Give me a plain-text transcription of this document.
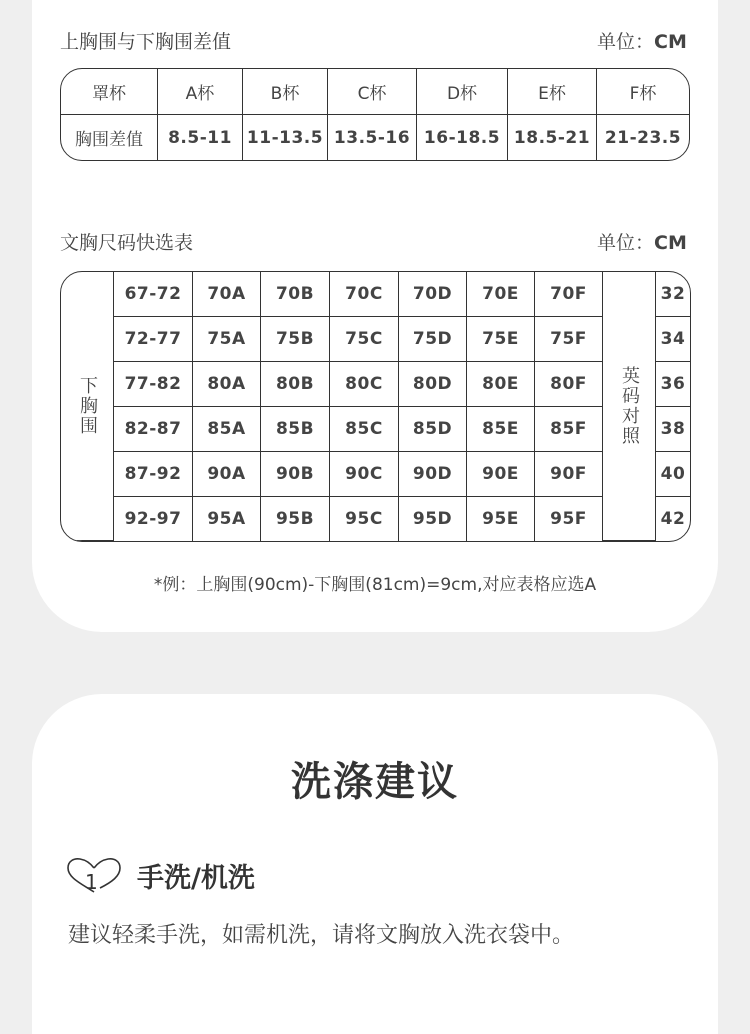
上胸围与下胸围差值	单位：CM
罩杯	A杯	B杯	C杯	D杯	E杯	F杯
胸围差值	8.5-11	11-13.5	13.5-16	16-18.5	18.5-21	21-23.5
文胸尺码快选表	单位：CM
下胸围	67-72	70A	70B	70C	70D	70E	70F	英码对照	32
	72-77	75A	75B	75C	75D	75E	75F		34
	77-82	80A	80B	80C	80D	80E	80F		36
	82-87	85A	85B	85C	85D	85E	85F		38
	87-92	90A	90B	90C	90D	90E	90F		40
	92-97	95A	95B	95C	95D	95E	95F		42
*例：上胸围(90cm)-下胸围(81cm)=9cm,对应表格应选A
洗涤建议
1 手洗/机洗
建议轻柔手洗，如需机洗，请将文胸放入洗衣袋中。
